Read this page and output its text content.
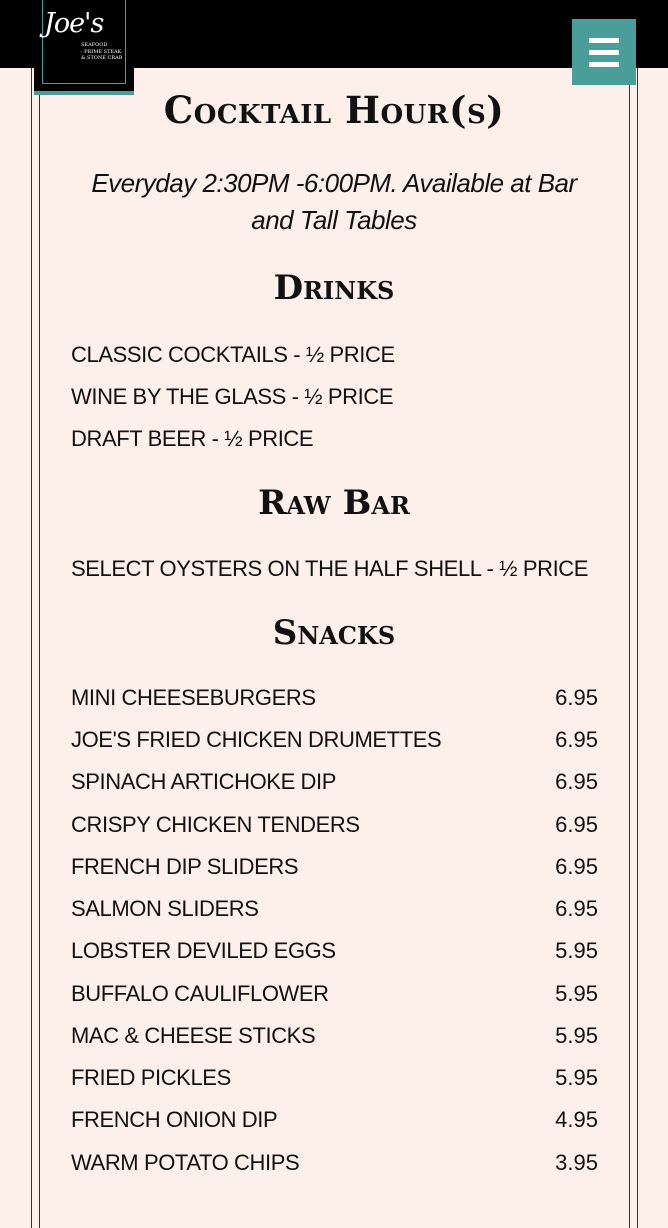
Joe's
SEAFOOD
· PRIME STEAK
& STONE CRAB
Cocktail Hour(s)
Everyday 2:30PM -6:00PM. Available at Bar and Tall Tables
Drinks
CLASSIC COCKTAILS - ½ PRICE
WINE BY THE GLASS - ½ PRICE
DRAFT BEER - ½ PRICE
Raw Bar
SELECT OYSTERS ON THE HALF SHELL - ½ PRICE
Snacks
MINI CHEESEBURGERS	6.95
JOE'S FRIED CHICKEN DRUMETTES	6.95
SPINACH ARTICHOKE DIP	6.95
CRISPY CHICKEN TENDERS	6.95
FRENCH DIP SLIDERS	6.95
SALMON SLIDERS	6.95
LOBSTER DEVILED EGGS	5.95
BUFFALO CAULIFLOWER	5.95
MAC & CHEESE STICKS	5.95
FRIED PICKLES	5.95
FRENCH ONION DIP	4.95
WARM POTATO CHIPS	3.95
